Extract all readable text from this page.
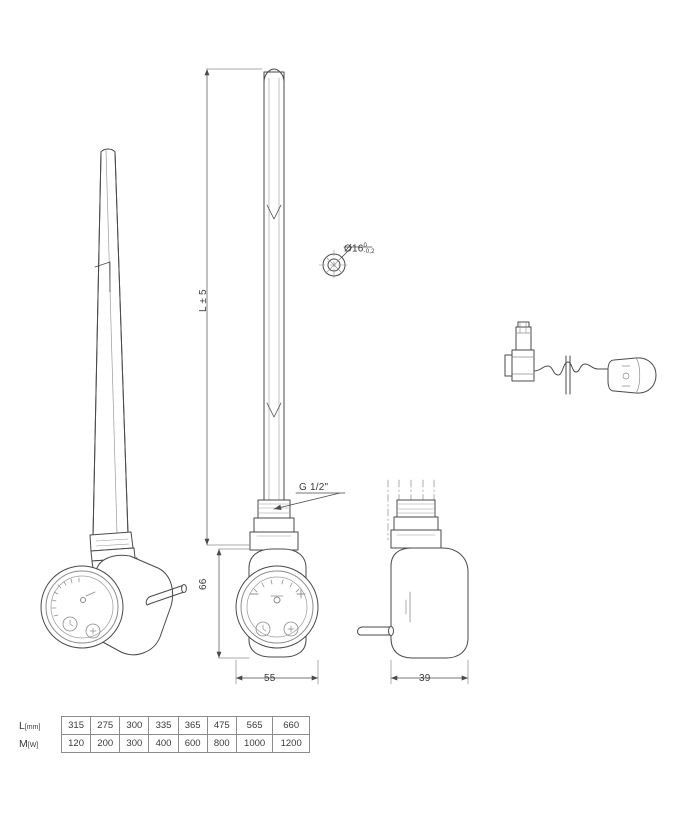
L ± 5
66
55	39
G 1/2"
Ø160
-0,2
L[mm]	315	275	300	335	365	475	565	660
M[W]	120	200	300	400	600	800	1000	1200
